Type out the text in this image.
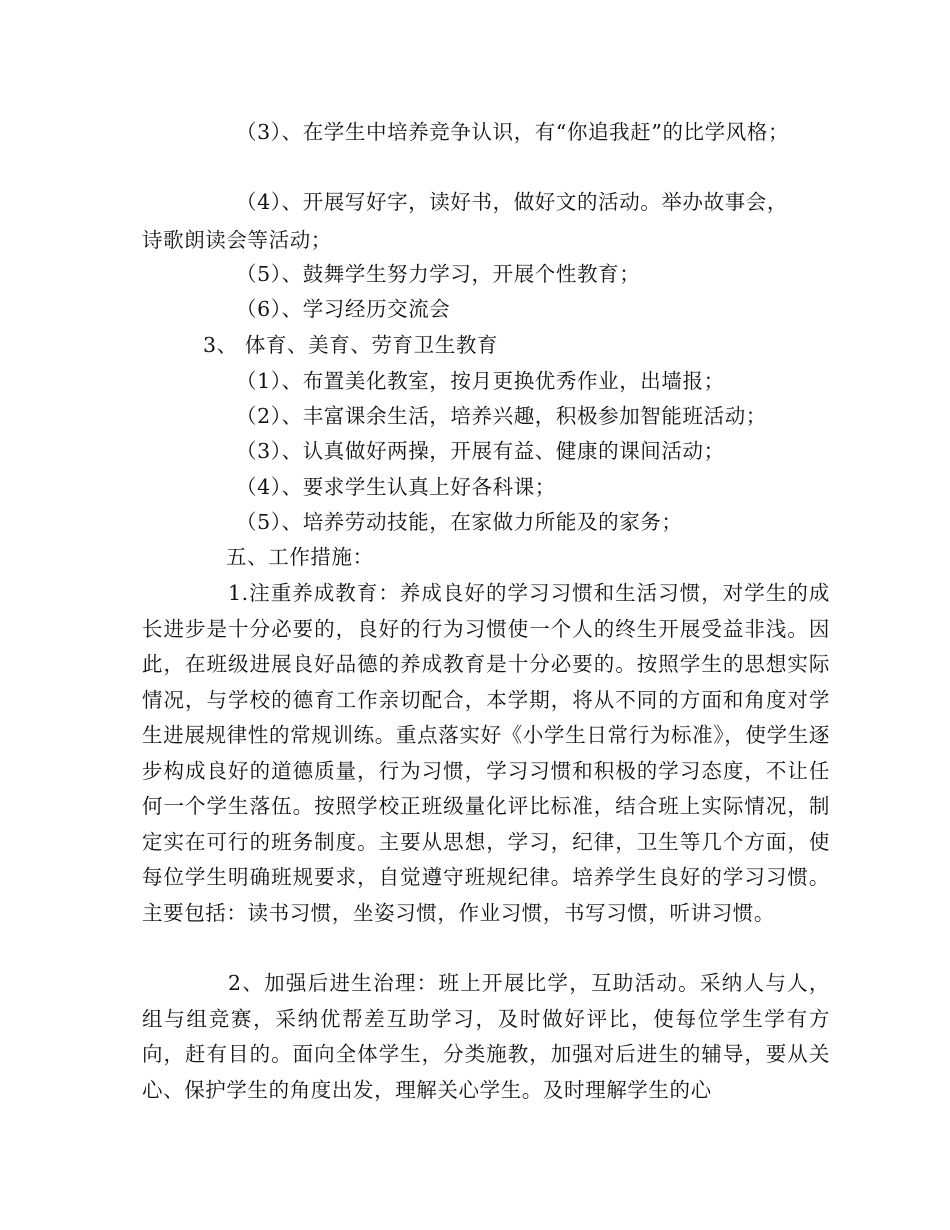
（3）、在学生中培养竞争认识，有“你追我赶”的比学风格；
（4）、开展写好字，读好书，做好文的活动。举办故事会，
诗歌朗读会等活动；
（5）、鼓舞学生努力学习，开展个性教育；
（6）、学习经历交流会
3、 体育、美育、劳育卫生教育
（1）、布置美化教室，按月更换优秀作业，出墙报；
（2）、丰富课余生活，培养兴趣，积极参加智能班活动；
（3）、认真做好两操，开展有益、健康的课间活动；
（4）、要求学生认真上好各科课；
（5）、培养劳动技能，在家做力所能及的家务；
五、工作措施：
1.注重养成教育：养成良好的学习习惯和生活习惯，对学生的成长进步是十分必要的，良好的行为习惯使一个人的终生开展受益非浅。因此，在班级进展良好品德的养成教育是十分必要的。按照学生的思想实际情况，与学校的德育工作亲切配合，本学期，将从不同的方面和角度对学生进展规律性的常规训练。重点落实好《小学生日常行为标准》，使学生逐步构成良好的道德质量，行为习惯，学习习惯和积极的学习态度，不让任何一个学生落伍。按照学校正班级量化评比标准，结合班上实际情况，制定实在可行的班务制度。主要从思想，学习，纪律，卫生等几个方面，使每位学生明确班规要求，自觉遵守班规纪律。培养学生良好的学习习惯。主要包括：读书习惯，坐姿习惯，作业习惯，书写习惯，听讲习惯。
2、加强后进生治理：班上开展比学，互助活动。采纳人与人，组与组竞赛，采纳优帮差互助学习，及时做好评比，使每位学生学有方向，赶有目的。面向全体学生，分类施教，加强对后进生的辅导，要从关心、保护学生的角度出发，理解关心学生。及时理解学生的心
